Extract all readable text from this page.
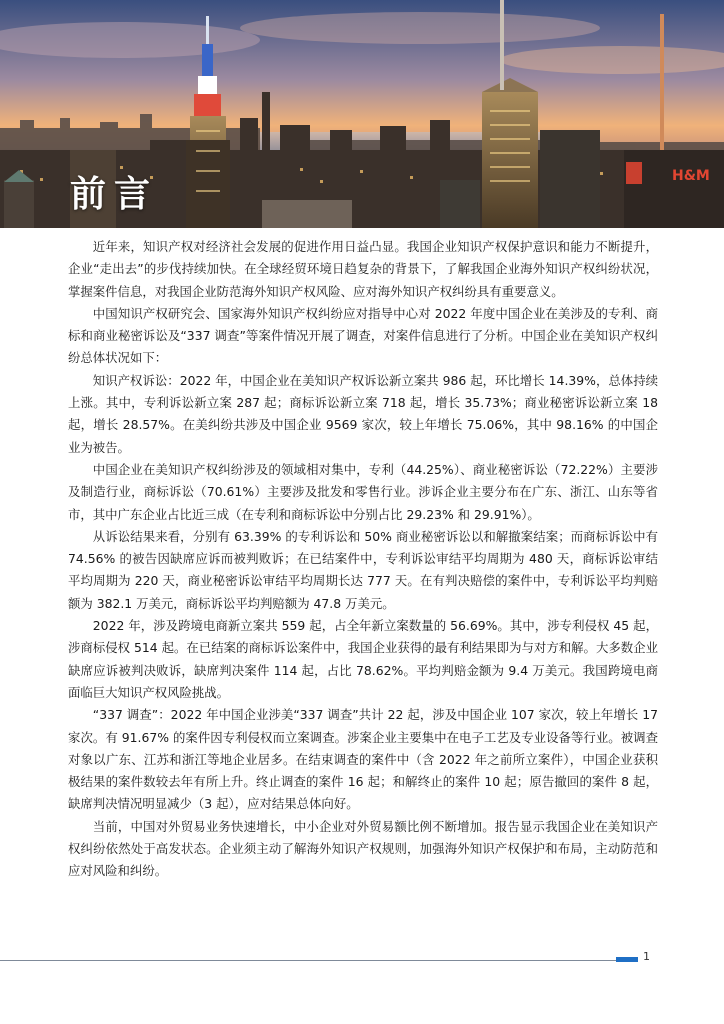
H&M
前言

近年来，知识产权对经济社会发展的促进作用日益凸显。我国企业知识产权保护意识和能力不断提升，企业“走出去”的步伐持续加快。在全球经贸环境日趋复杂的背景下，了解我国企业海外知识产权纠纷状况，掌握案件信息，对我国企业防范海外知识产权风险、应对海外知识产权纠纷具有重要意义。

中国知识产权研究会、国家海外知识产权纠纷应对指导中心对 2022 年度中国企业在美涉及的专利、商标和商业秘密诉讼及“337 调查”等案件情况开展了调查，对案件信息进行了分析。中国企业在美知识产权纠纷总体状况如下：

知识产权诉讼：2022 年，中国企业在美知识产权诉讼新立案共 986 起，环比增长 14.39%，总体持续上涨。其中，专利诉讼新立案 287 起；商标诉讼新立案 718 起，增长 35.73%；商业秘密诉讼新立案 18 起，增长 28.57%。在美纠纷共涉及中国企业 9569 家次，较上年增长 75.06%，其中 98.16% 的中国企业为被告。

中国企业在美知识产权纠纷涉及的领域相对集中，专利（44.25%）、商业秘密诉讼（72.22%）主要涉及制造行业，商标诉讼（70.61%）主要涉及批发和零售行业。涉诉企业主要分布在广东、浙江、山东等省市，其中广东企业占比近三成（在专利和商标诉讼中分别占比 29.23% 和 29.91%）。

从诉讼结果来看，分别有 63.39% 的专利诉讼和 50% 商业秘密诉讼以和解撤案结案；而商标诉讼中有 74.56% 的被告因缺席应诉而被判败诉；在已结案件中，专利诉讼审结平均周期为 480 天，商标诉讼审结平均周期为 220 天，商业秘密诉讼审结平均周期长达 777 天。在有判决赔偿的案件中，专利诉讼平均判赔额为 382.1 万美元，商标诉讼平均判赔额为 47.8 万美元。

2022 年，涉及跨境电商新立案共 559 起，占全年新立案数量的 56.69%。其中，涉专利侵权 45 起，涉商标侵权 514 起。在已结案的商标诉讼案件中，我国企业获得的最有利结果即为与对方和解。大多数企业缺席应诉被判决败诉，缺席判决案件 114 起，占比 78.62%。平均判赔金额为 9.4 万美元。我国跨境电商面临巨大知识产权风险挑战。

“337 调查”：2022 年中国企业涉美“337 调查”共计 22 起，涉及中国企业 107 家次，较上年增长 17 家次。有 91.67% 的案件因专利侵权而立案调查。涉案企业主要集中在电子工艺及专业设备等行业。被调查对象以广东、江苏和浙江等地企业居多。在结束调查的案件中（含 2022 年之前所立案件），中国企业获积极结果的案件数较去年有所上升。终止调查的案件 16 起；和解终止的案件 10 起；原告撤回的案件 8 起，缺席判决情况明显减少（3 起），应对结果总体向好。

当前，中国对外贸易业务快速增长，中小企业对外贸易额比例不断增加。报告显示我国企业在美知识产权纠纷依然处于高发状态。企业须主动了解海外知识产权规则，加强海外知识产权保护和布局，主动防范和应对风险和纠纷。

1
